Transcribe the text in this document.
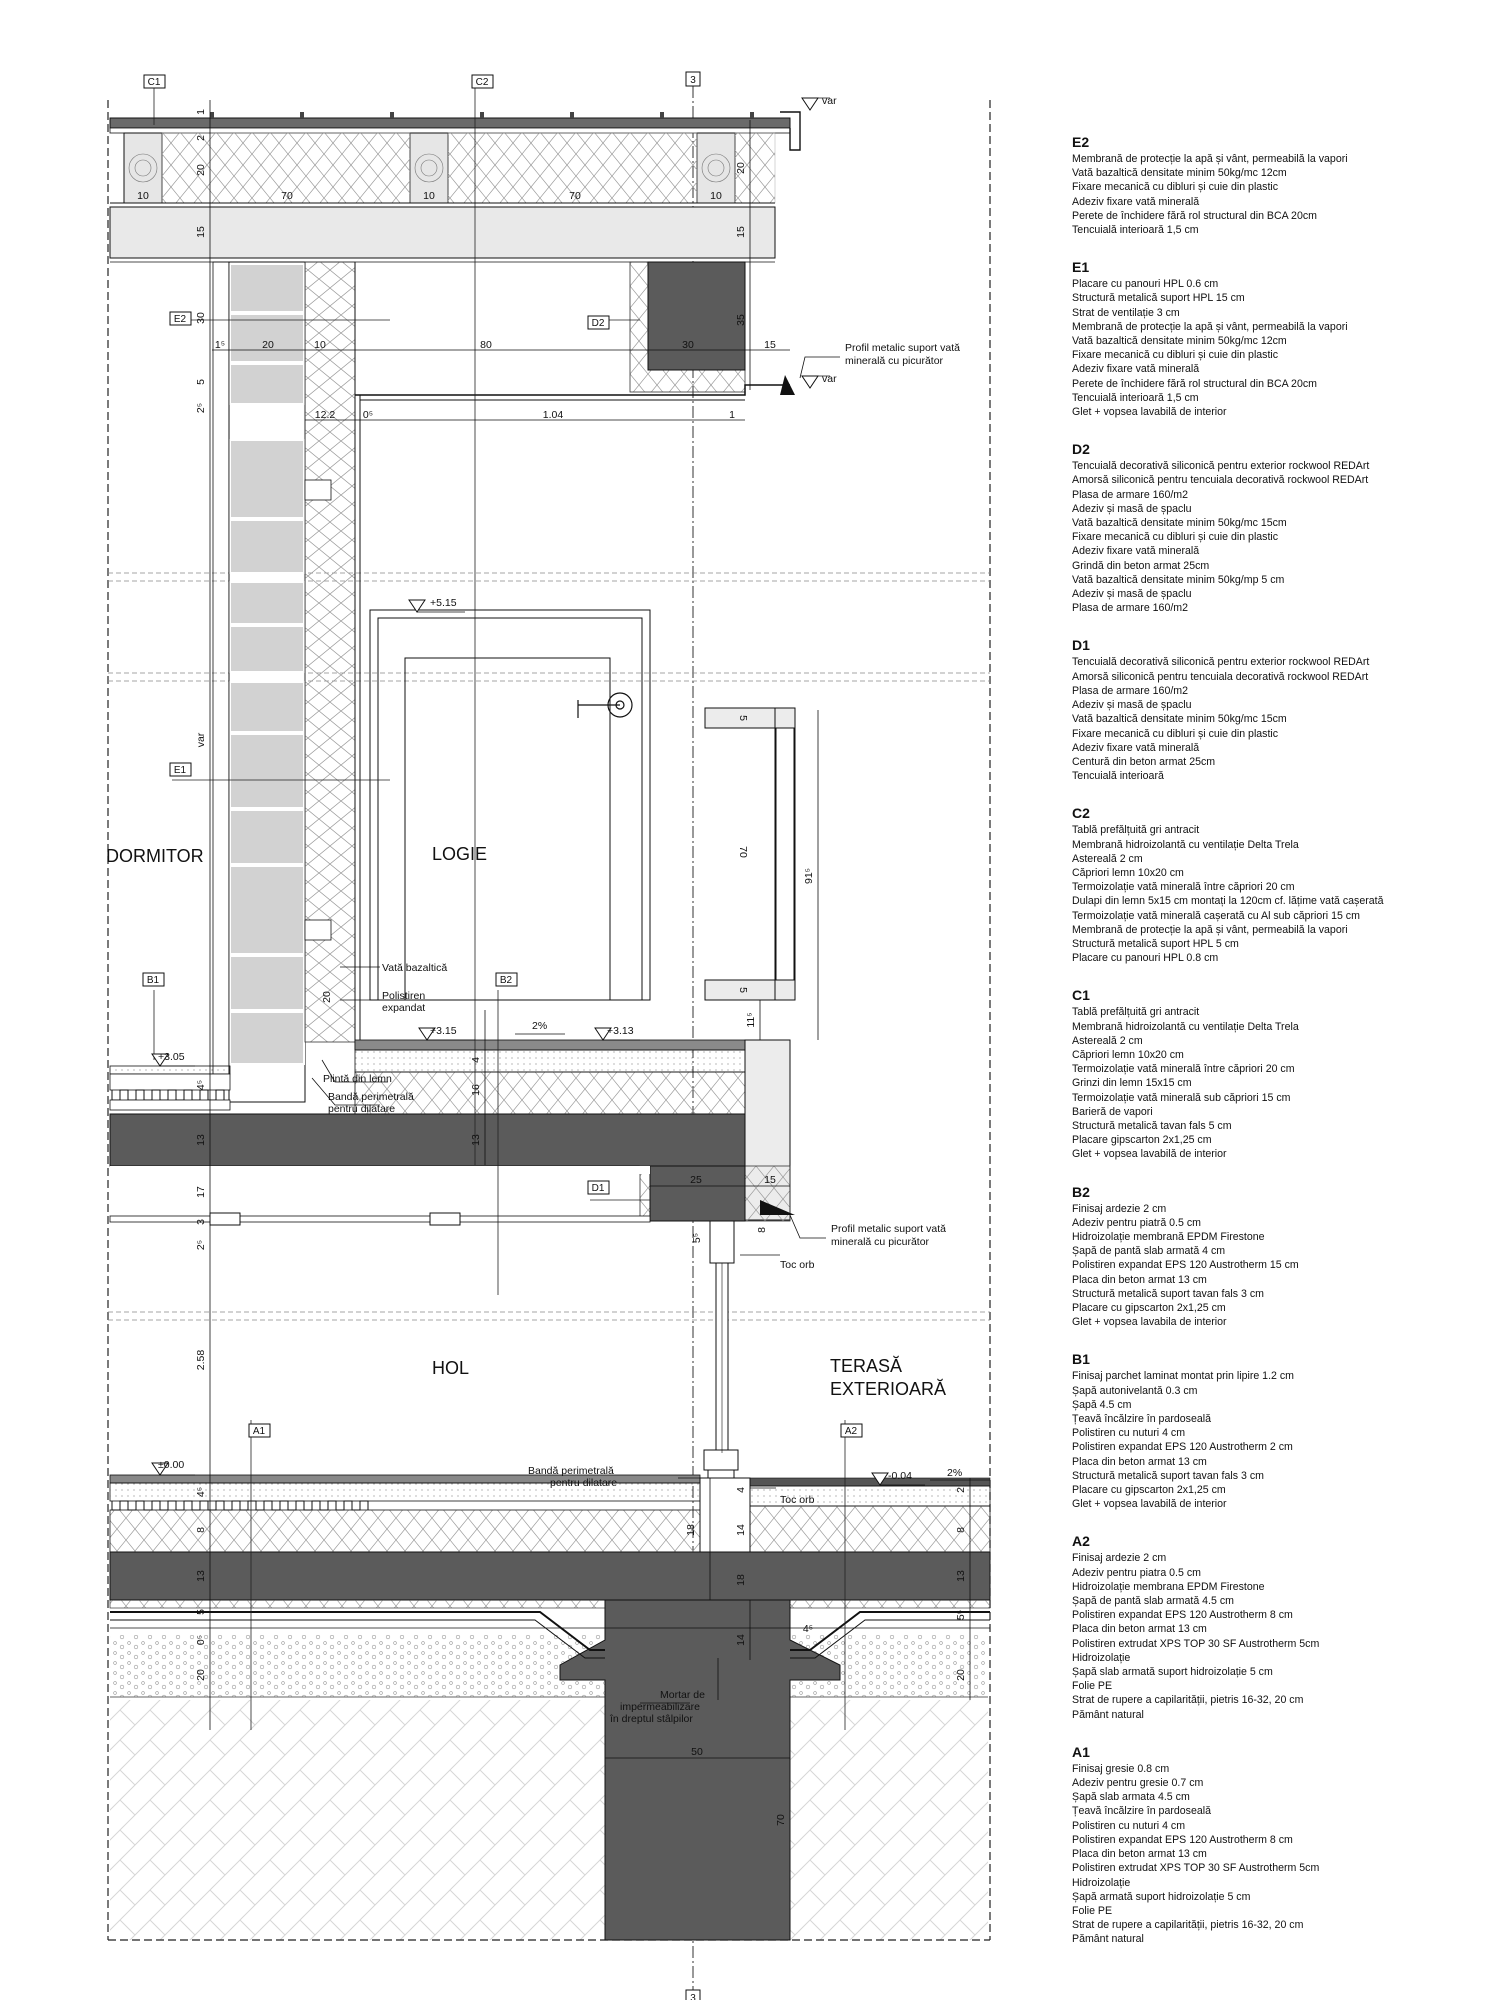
C1	C2	3
3
E2	D2
E1
B1	B2
D1
A1	A2
DORMITOR	LOGIE
HOL	TERASĂ
EXTERIOARĂ
+5.15
+3.15	+3.13
+3.05
±0.00
-0.04
2%
2%
var
var
Profil metalic suport vată
minerală cu picurător
Profil metalic suport vată
minerală cu picurător
Vată bazaltică
Polistiren
expandat
Plintă din lemn
Bandă perimetrală
pentru dilatare
Bandă perimetrală
pentru dilatare
Toc orb
Toc orb
Mortar de
impermeabilizare
în dreptul stâlpilor
10	70	10	70	10
1⁵	20	10	80	30	15
12.2	0⁵	1.04	1
25	15
50
1
2
20
15
30
5
2⁵
var
4⁵
13
17
3
2⁵
2.58
4⁵
8
13
5
0⁵
20
20
15
35
4
16
13
20
5
70
5
91⁵
11⁵
5⁵
8
18
4
14
18
14
2
8
13
5⁵
20
4⁵
70
E2
Membrană de protecție la apă și vânt, permeabilă la vapori
Vată bazaltică densitate minim 50kg/mc 12cm
Fixare mecanică cu dibluri și cuie din plastic
Adeziv fixare vată minerală
Perete de închidere fără rol structural din BCA 20cm
Tencuială interioară 1,5 cm
E1
Placare cu panouri HPL 0.6 cm
Structură metalică suport HPL 15 cm
Strat de ventilație 3 cm
Membrană de protecție la apă și vânt, permeabilă la vapori
Vată bazaltică densitate minim 50kg/mc 12cm
Fixare mecanică cu dibluri și cuie din plastic
Adeziv fixare vată minerală
Perete de închidere fără rol structural din BCA 20cm
Tencuială interioară 1,5 cm
Glet + vopsea lavabilă de interior
D2
Tencuială decorativă siliconică pentru exterior rockwool REDArt
Amorsă siliconică pentru tencuiala decorativă rockwool REDArt
Plasa de armare 160/m2
Adeziv și masă de șpaclu
Vată bazaltică densitate minim 50kg/mc 15cm
Fixare mecanică cu dibluri și cuie din plastic
Adeziv fixare vată minerală
Grindă din beton armat 25cm
Vată bazaltică densitate minim 50kg/mp 5 cm
Adeziv și masă de șpaclu
Plasa de armare 160/m2
D1
Tencuială decorativă siliconică pentru exterior rockwool REDArt
Amorsă siliconică pentru tencuiala decorativă rockwool REDArt
Plasa de armare 160/m2
Adeziv și masă de șpaclu
Vată bazaltică densitate minim 50kg/mc 15cm
Fixare mecanică cu dibluri și cuie din plastic
Adeziv fixare vată minerală
Centură din beton armat 25cm
Tencuială interioară
C2
Tablă prefălțuită gri antracit
Membrană hidroizolantă cu ventilație Delta Trela
Astereală 2 cm
Căpriori lemn 10x20 cm
Termoizolație vată minerală între căpriori 20 cm
Dulapi din lemn 5x15 cm montați la 120cm cf. lățime vată cașerată
Termoizolație vată minerală cașerată cu Al sub căpriori 15 cm
Membrană de protecție la apă și vânt, permeabilă la vapori
Structură metalică suport HPL 5 cm
Placare cu panouri HPL 0.8 cm
C1
Tablă prefălțuită gri antracit
Membrană hidroizolantă cu ventilație Delta Trela
Astereală 2 cm
Căpriori lemn 10x20 cm
Termoizolație vată minerală între căpriori 20 cm
Grinzi din lemn 15x15 cm
Termoizolație vată minerală sub căpriori 15 cm
Barieră de vapori
Structură metalică tavan fals 5 cm
Placare gipscarton 2x1,25 cm
Glet + vopsea lavabilă de interior
B2
Finisaj ardezie 2 cm
Adeziv pentru piatră 0.5 cm
Hidroizolație membrană EPDM Firestone
Șapă de pantă slab armată 4 cm
Polistiren expandat EPS 120 Austrotherm 15 cm
Placa din beton armat 13 cm
Structură metalică suport tavan fals 3 cm
Placare cu gipscarton 2x1,25 cm
Glet + vopsea lavabila de interior
B1
Finisaj parchet laminat montat prin lipire 1.2 cm
Șapă autonivelantă 0.3 cm
Șapă 4.5 cm
Țeavă încălzire în pardoseală
Polistiren cu nuturi 4 cm
Polistiren expandat EPS 120 Austrotherm 2 cm
Placa din beton armat 13 cm
Structură metalică suport tavan fals 3 cm
Placare cu gipscarton 2x1,25 cm
Glet + vopsea lavabilă de interior
A2
Finisaj ardezie 2 cm
Adeziv pentru piatra 0.5 cm
Hidroizolație membrana EPDM Firestone
Șapă de pantă slab armată 4.5 cm
Polistiren expandat EPS 120 Austrotherm 8 cm
Placa din beton armat 13 cm
Polistiren extrudat XPS TOP 30 SF Austrotherm 5cm
Hidroizolație
Șapă slab armată suport hidroizolație 5 cm
Folie PE
Strat de rupere a capilarității, pietris 16-32, 20 cm
Pământ natural
A1
Finisaj gresie 0.8 cm
Adeziv pentru gresie 0.7 cm
Șapă slab armata 4.5 cm
Țeavă încălzire în pardoseală
Polistiren cu nuturi 4 cm
Polistiren expandat EPS 120 Austrotherm 8 cm
Placa din beton armat 13 cm
Polistiren extrudat XPS TOP 30 SF Austrotherm 5cm
Hidroizolație
Șapă armată suport hidroizolație 5 cm
Folie PE
Strat de rupere a capilarității, pietris 16-32, 20 cm
Pământ natural
